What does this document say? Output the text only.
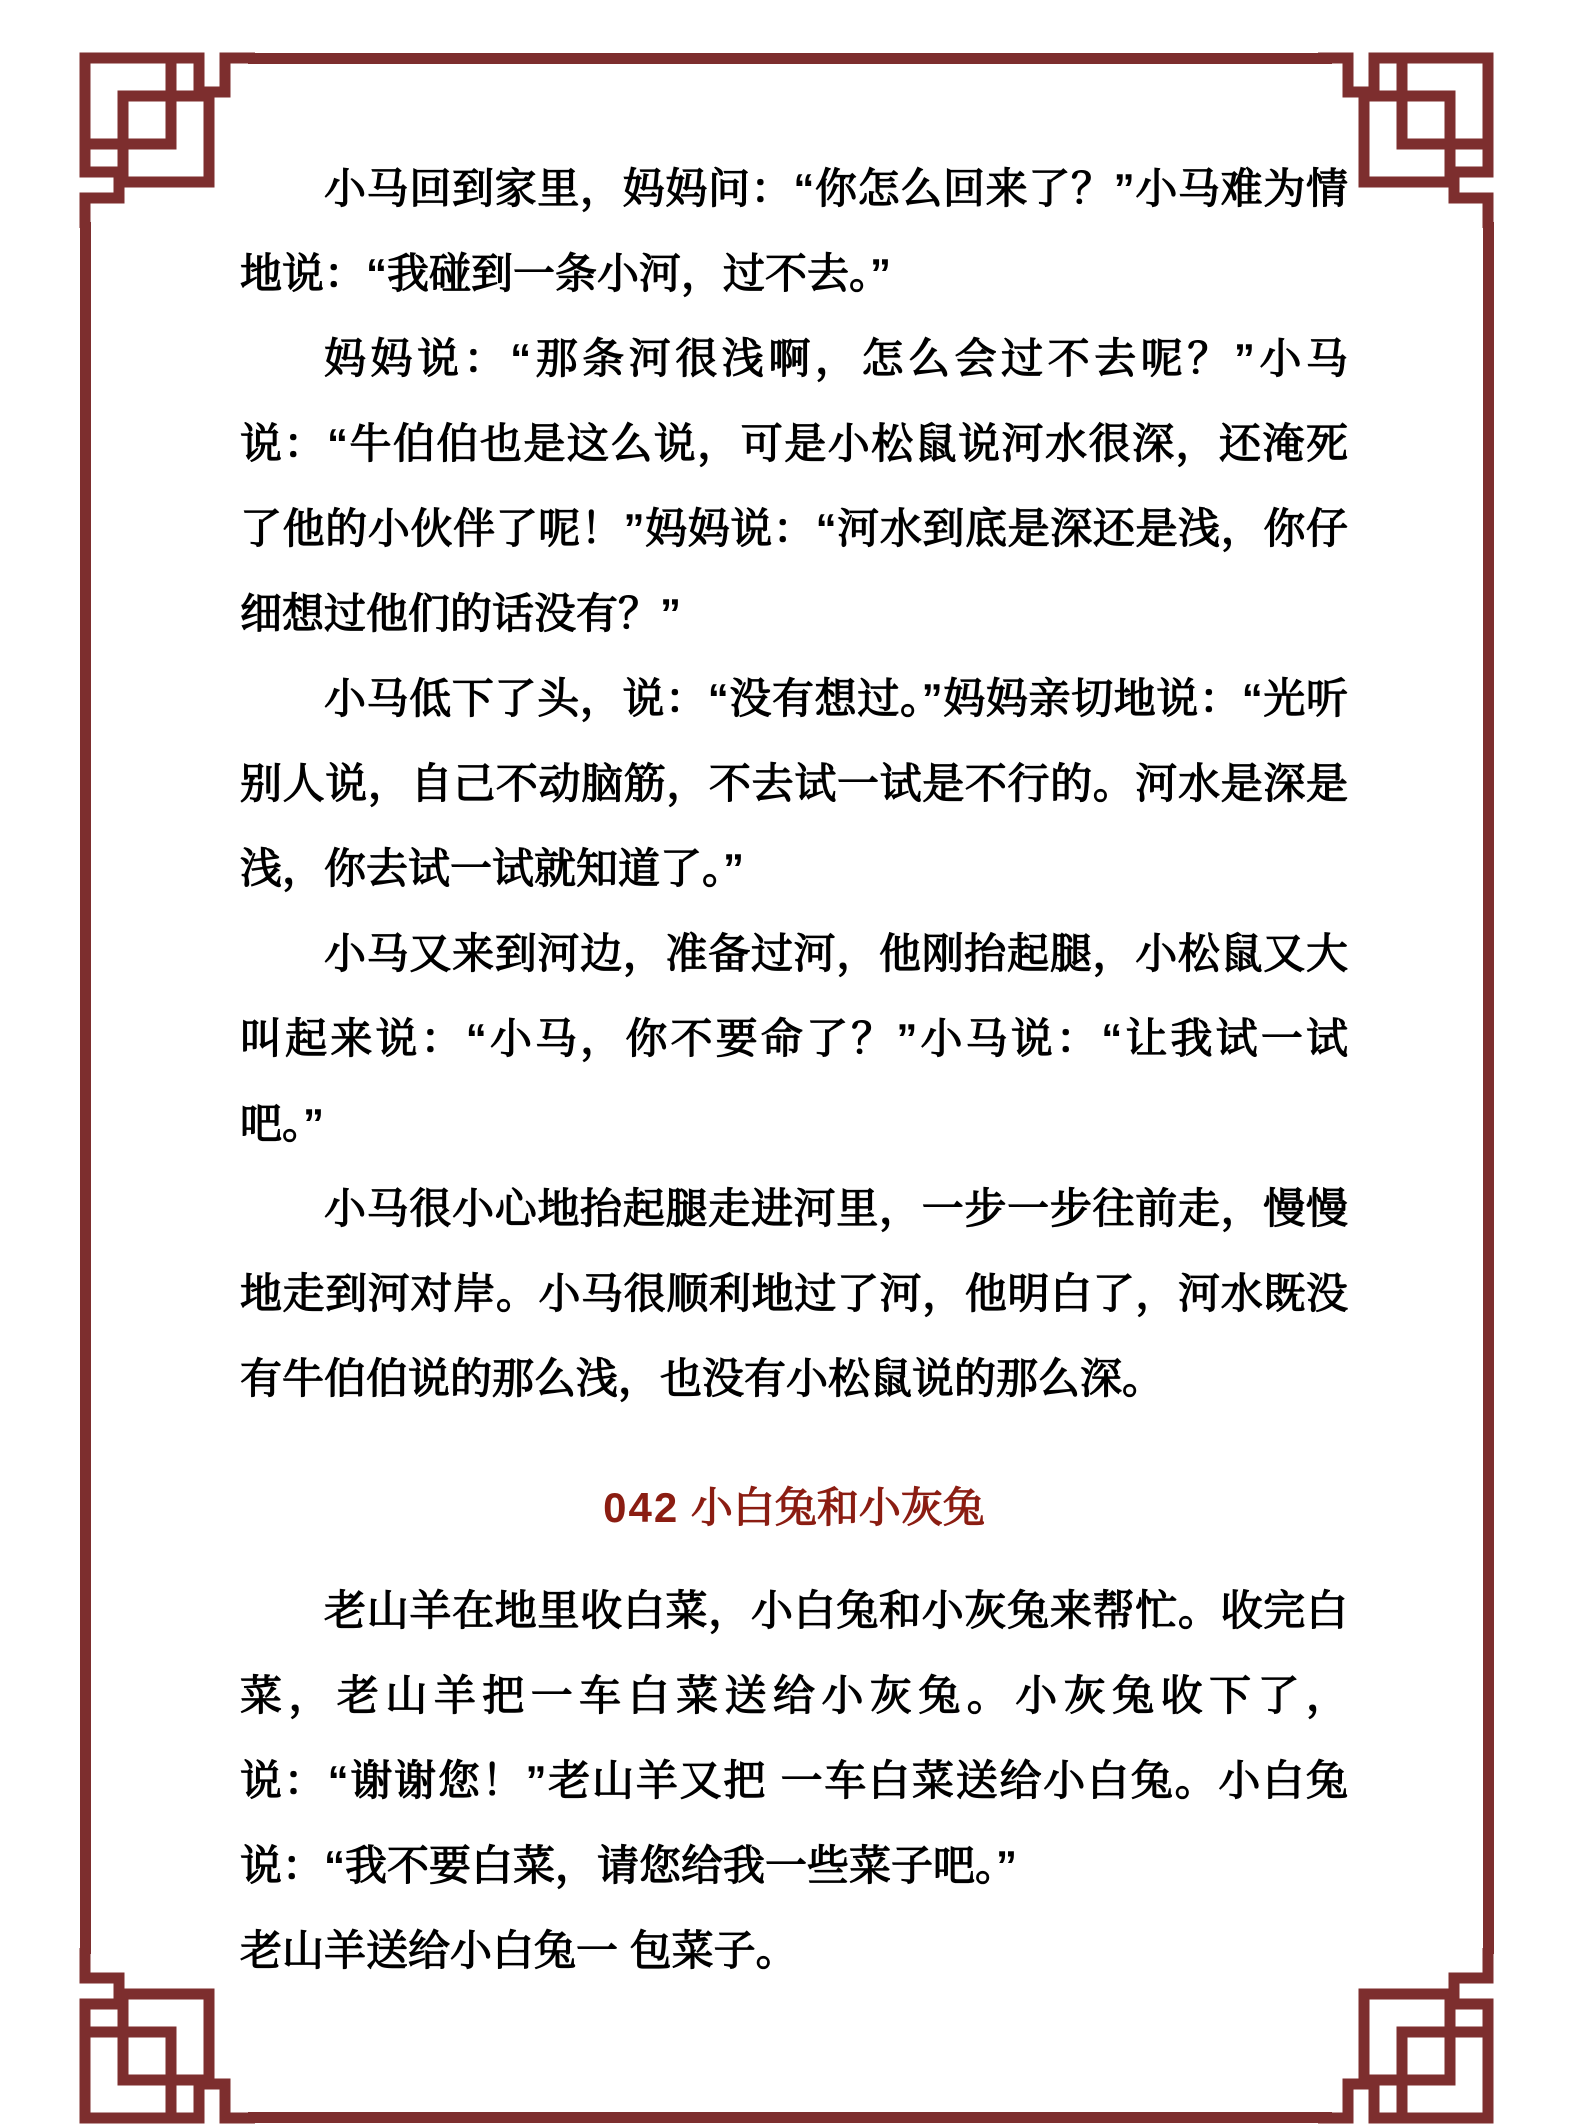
小马回到家里，妈妈问：“你怎么回来了？”小马难为情地说：“我碰到一条小河，过不去。”

妈妈说：“那条河很浅啊，怎么会过不去呢？”小马说：“牛伯伯也是这么说，可是小松鼠说河水很深，还淹死了他的小伙伴了呢！”妈妈说：“河水到底是深还是浅，你仔细想过他们的话没有？”

小马低下了头，说：“没有想过。”妈妈亲切地说：“光听别人说，自己不动脑筋，不去试一试是不行的。河水是深是浅，你去试一试就知道了。”

小马又来到河边，准备过河，他刚抬起腿，小松鼠又大叫起来说：“小马，你不要命了？”小马说：“让我试一试吧。”

小马很小心地抬起腿走进河里，一步一步往前走，慢慢地走到河对岸。小马很顺利地过了河，他明白了，河水既没有牛伯伯说的那么浅，也没有小松鼠说的那么深。

042 小白兔和小灰兔

老山羊在地里收白菜，小白兔和小灰兔来帮忙。收完白菜，老山羊把一车白菜送给小灰兔。小灰兔收下了，说：“谢谢您！”老山羊又把 一车白菜送给小白兔。小白兔说：“我不要白菜，请您给我一些菜子吧。”

老山羊送给小白兔一 包菜子。
